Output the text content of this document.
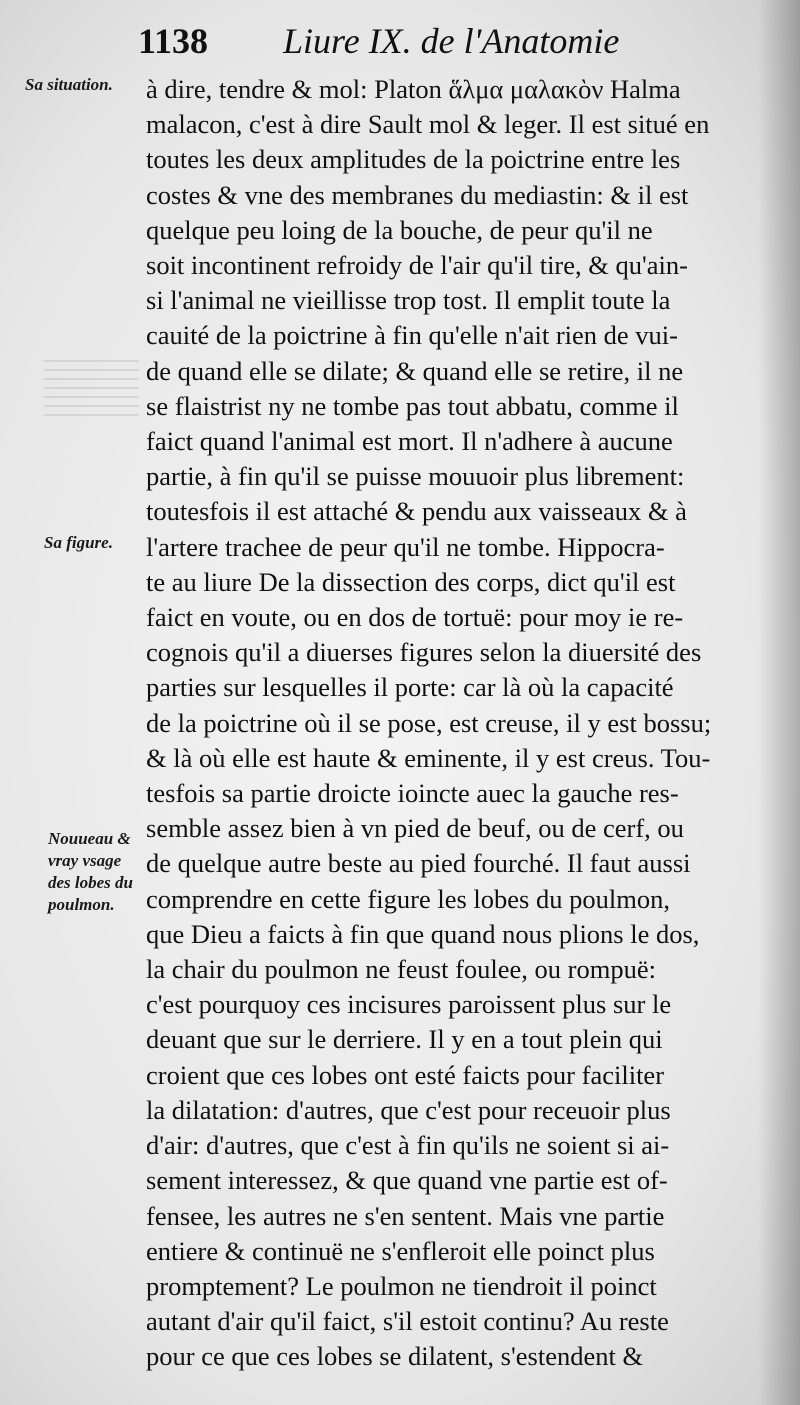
1138 Liure IX. de l'Anatomie
Sa situation.
Sa figure.
Nouueau &
vray vsage
des lobes du
poulmon.
à dire, tendre & mol: Platon ἅλμα μαλακὸν Halma
malacon, c'est à dire Sault mol & leger. Il est situé en
toutes les deux amplitudes de la poictrine entre les
costes & vne des membranes du mediastin: & il est
quelque peu loing de la bouche, de peur qu'il ne
soit incontinent refroidy de l'air qu'il tire, & qu'ain-
si l'animal ne vieillisse trop tost. Il emplit toute la
cauité de la poictrine à fin qu'elle n'ait rien de vui-
de quand elle se dilate; & quand elle se retire, il ne
se flaistrist ny ne tombe pas tout abbatu, comme il
faict quand l'animal est mort. Il n'adhere à aucune
partie, à fin qu'il se puisse mouuoir plus librement:
toutesfois il est attaché & pendu aux vaisseaux & à
l'artere trachee de peur qu'il ne tombe. Hippocra-
te au liure De la dissection des corps, dict qu'il est
faict en voute, ou en dos de tortuë: pour moy ie re-
cognois qu'il a diuerses figures selon la diuersité des
parties sur lesquelles il porte: car là où la capacité
de la poictrine où il se pose, est creuse, il y est bossu;
& là où elle est haute & eminente, il y est creus. Tou-
tesfois sa partie droicte ioincte auec la gauche res-
semble assez bien à vn pied de beuf, ou de cerf, ou
de quelque autre beste au pied fourché. Il faut aussi
comprendre en cette figure les lobes du poulmon,
que Dieu a faicts à fin que quand nous plions le dos,
la chair du poulmon ne feust foulee, ou rompuë:
c'est pourquoy ces incisures paroissent plus sur le
deuant que sur le derriere. Il y en a tout plein qui
croient que ces lobes ont esté faicts pour faciliter
la dilatation: d'autres, que c'est pour receuoir plus
d'air: d'autres, que c'est à fin qu'ils ne soient si ai-
sement interessez, & que quand vne partie est of-
fensee, les autres ne s'en sentent. Mais vne partie
entiere & continuë ne s'enfleroit elle poinct plus
promptement? Le poulmon ne tiendroit il poinct
autant d'air qu'il faict, s'il estoit continu? Au reste
pour ce que ces lobes se dilatent, s'estendent &
